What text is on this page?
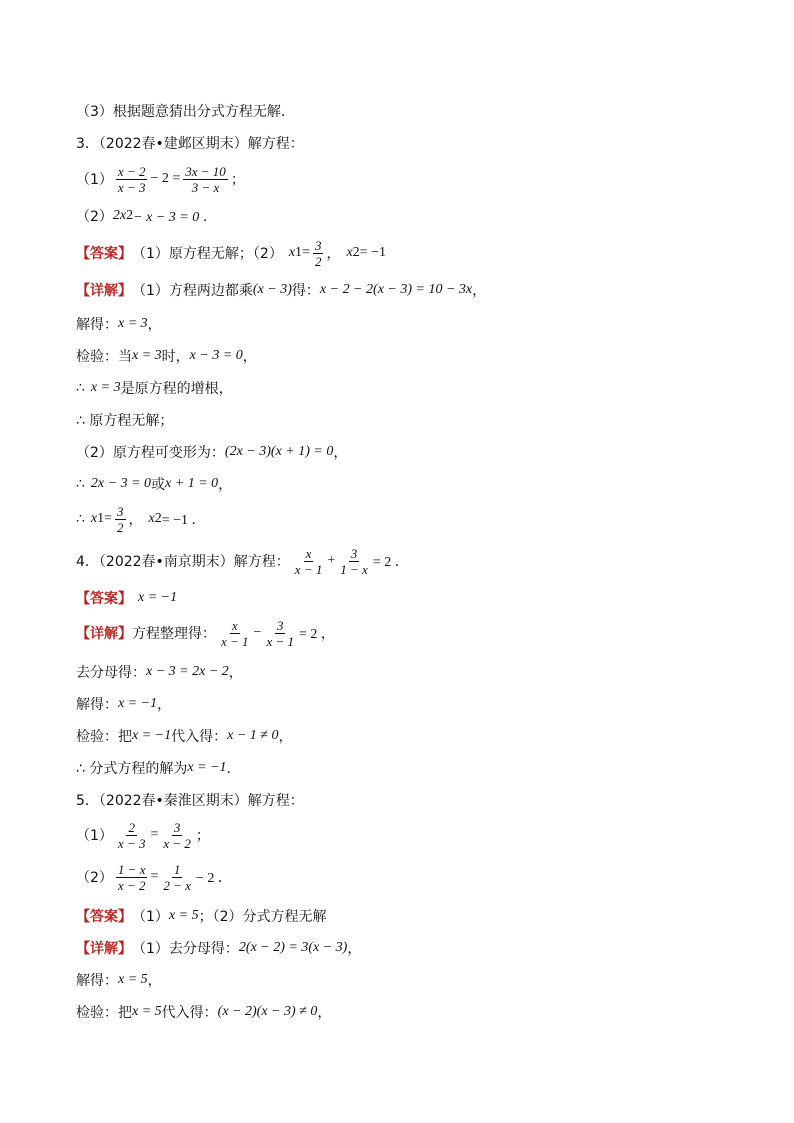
（3）根据题意猜出分式方程无解．
3．（2022春•建邺区期末）解方程：
$(1) \frac{x - 2}{x - 3} - 2 = \frac{3x - 10}{3 - x}$ ；
（2） 2x 2 − x − 3 = 0 ．
【答案】 （1）原方程无解；（2） x $1 = \frac{3}{2}$ ， x 2 = −1
【详解】 （1）方程两边都乘 (x − 3) 得： x − 2 − 2(x − 3) = 10 − 3x ，
解得： x = 3 ，
检验：当 x = 3 时， x − 3 = 0 ，
∴ x = 3 是原方程的增根，
∴ 原方程无解；
（2）原方程可变形为： (2x − 3)(x + 1) = 0 ，
∴ 2x − 3 = 0 或 x + 1 = 0 ，
∴ x $1 = \frac{3}{2}$ ， x 2 = −1 ．
4．（2022春•南京期末）解方程： $\frac{x}{x - 1} + \frac{3}{1 - x} = 2$ ．
【答案】 x = −1
【详解】 方程整理得： $\frac{x}{x - 1} - \frac{3}{x - 1} = 2$ ，
去分母得： x − 3 = 2x − 2 ，
解得： x = −1 ，
检验：把 x = −1 代入得： x − 1 ≠ 0 ，
∴ 分式方程的解为 x = −1 ．
5．（2022春•秦淮区期末）解方程：
$(1) \frac{2}{x - 3} = \frac{3}{x - 2}$ ；
$(2) \frac{1 - x}{x - 2} = \frac{1}{2 - x} - 2$ ．
【答案】 （1） x = 5 ；（2）分式方程无解
【详解】 （1）去分母得： 2(x − 2) = 3(x − 3) ，
解得： x = 5 ，
检验：把 x = 5 代入得： (x − 2)(x − 3) ≠ 0 ，
